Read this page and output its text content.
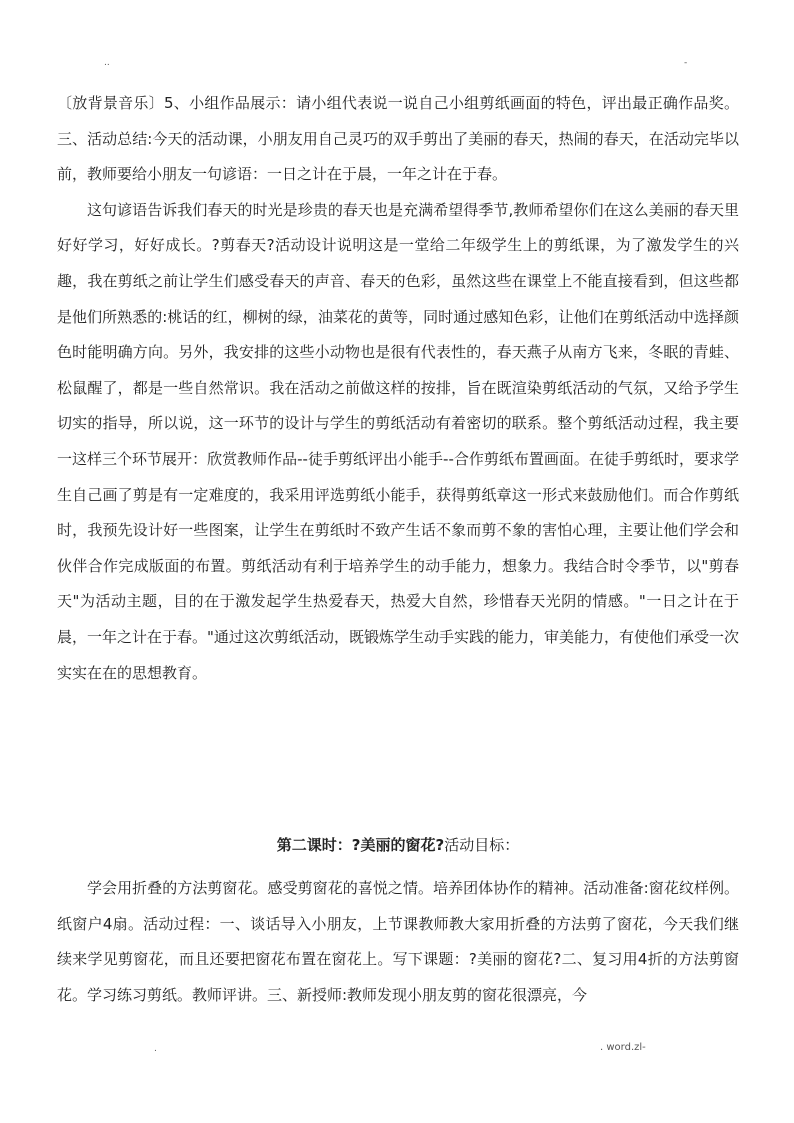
..	-

〔放背景音乐〕5、小组作品展示：请小组代表说一说自己小组剪纸画面的特色，评出最正确作品奖。三、活动总结:今天的活动课，小朋友用自己灵巧的双手剪出了美丽的春天，热闹的春天，在活动完毕以前，教师要给小朋友一句谚语：一日之计在于晨，一年之计在于春。

这句谚语告诉我们春天的时光是珍贵的春天也是充满希望得季节,教师希望你们在这么美丽的春天里好好学习，好好成长。?剪春天?活动设计说明这是一堂给二年级学生上的剪纸课，为了激发学生的兴趣，我在剪纸之前让学生们感受春天的声音、春天的色彩，虽然这些在课堂上不能直接看到，但这些都是他们所熟悉的:桃话的红，柳树的绿，油菜花的黄等，同时通过感知色彩，让他们在剪纸活动中选择颜色时能明确方向。另外，我安排的这些小动物也是很有代表性的，春天燕子从南方飞来，冬眠的青蛙、松鼠醒了，都是一些自然常识。我在活动之前做这样的按排，旨在既渲染剪纸活动的气氛，又给予学生切实的指导，所以说，这一环节的设计与学生的剪纸活动有着密切的联系。整个剪纸活动过程，我主要一这样三个环节展开：欣赏教师作品--徒手剪纸评出小能手--合作剪纸布置画面。在徒手剪纸时，要求学生自己画了剪是有一定难度的，我采用评选剪纸小能手，获得剪纸章这一形式来鼓励他们。而合作剪纸时，我预先设计好一些图案，让学生在剪纸时不致产生话不象而剪不象的害怕心理，主要让他们学会和伙伴合作完成版面的布置。剪纸活动有利于培养学生的动手能力，想象力。我结合时令季节，以"剪春天"为活动主题，目的在于激发起学生热爱春天，热爱大自然，珍惜春天光阴的情感。"一日之计在于晨，一年之计在于春。"通过这次剪纸活动，既锻炼学生动手实践的能力，审美能力，有使他们承受一次实实在在的思想教育。

第二课时：?美丽的窗花?活动目标：

学会用折叠的方法剪窗花。感受剪窗花的喜悦之情。培养团体协作的精神。活动准备:窗花纹样例。纸窗户4扇。活动过程：一、谈话导入小朋友，上节课教师教大家用折叠的方法剪了窗花，今天我们继续来学见剪窗花，而且还要把窗花布置在窗花上。写下课题：?美丽的窗花?二、复习用4折的方法剪窗花。学习练习剪纸。教师评讲。三、新授师:教师发现小朋友剪的窗花很漂亮，今

.	. word.zl-
